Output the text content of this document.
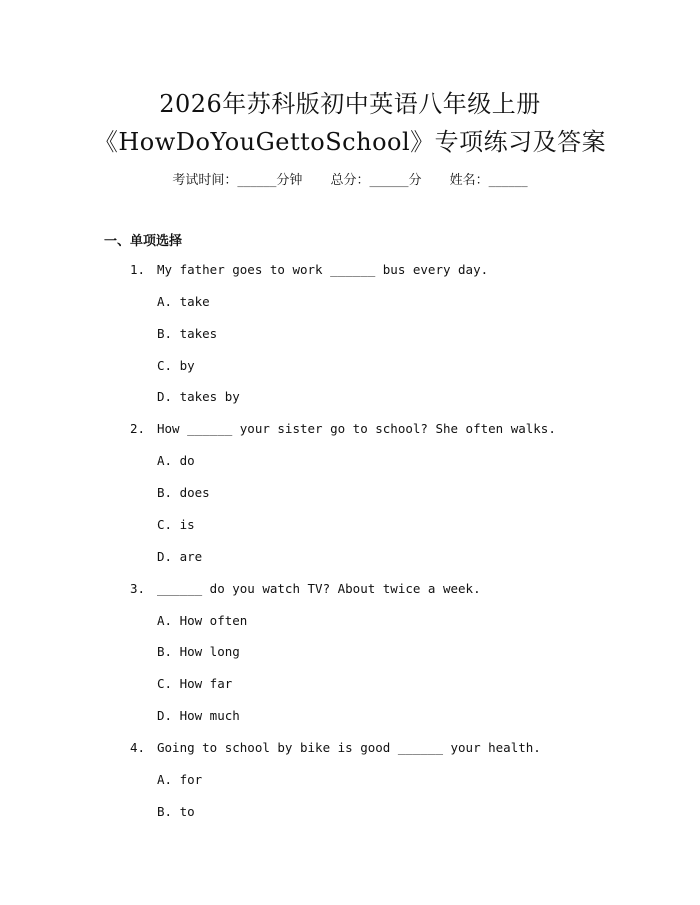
2026年苏科版初中英语八年级上册
《HowDoYouGettoSchool》专项练习及答案
考试时间：______分钟 总分：______分 姓名：______
一、单项选择
1. My father goes to work ______ bus every day.
A. take
B. takes
C. by
D. takes by
2. How ______ your sister go to school? She often walks.
A. do
B. does
C. is
D. are
3. ______ do you watch TV? About twice a week.
A. How often
B. How long
C. How far
D. How much
4. Going to school by bike is good ______ your health.
A. for
B. to
